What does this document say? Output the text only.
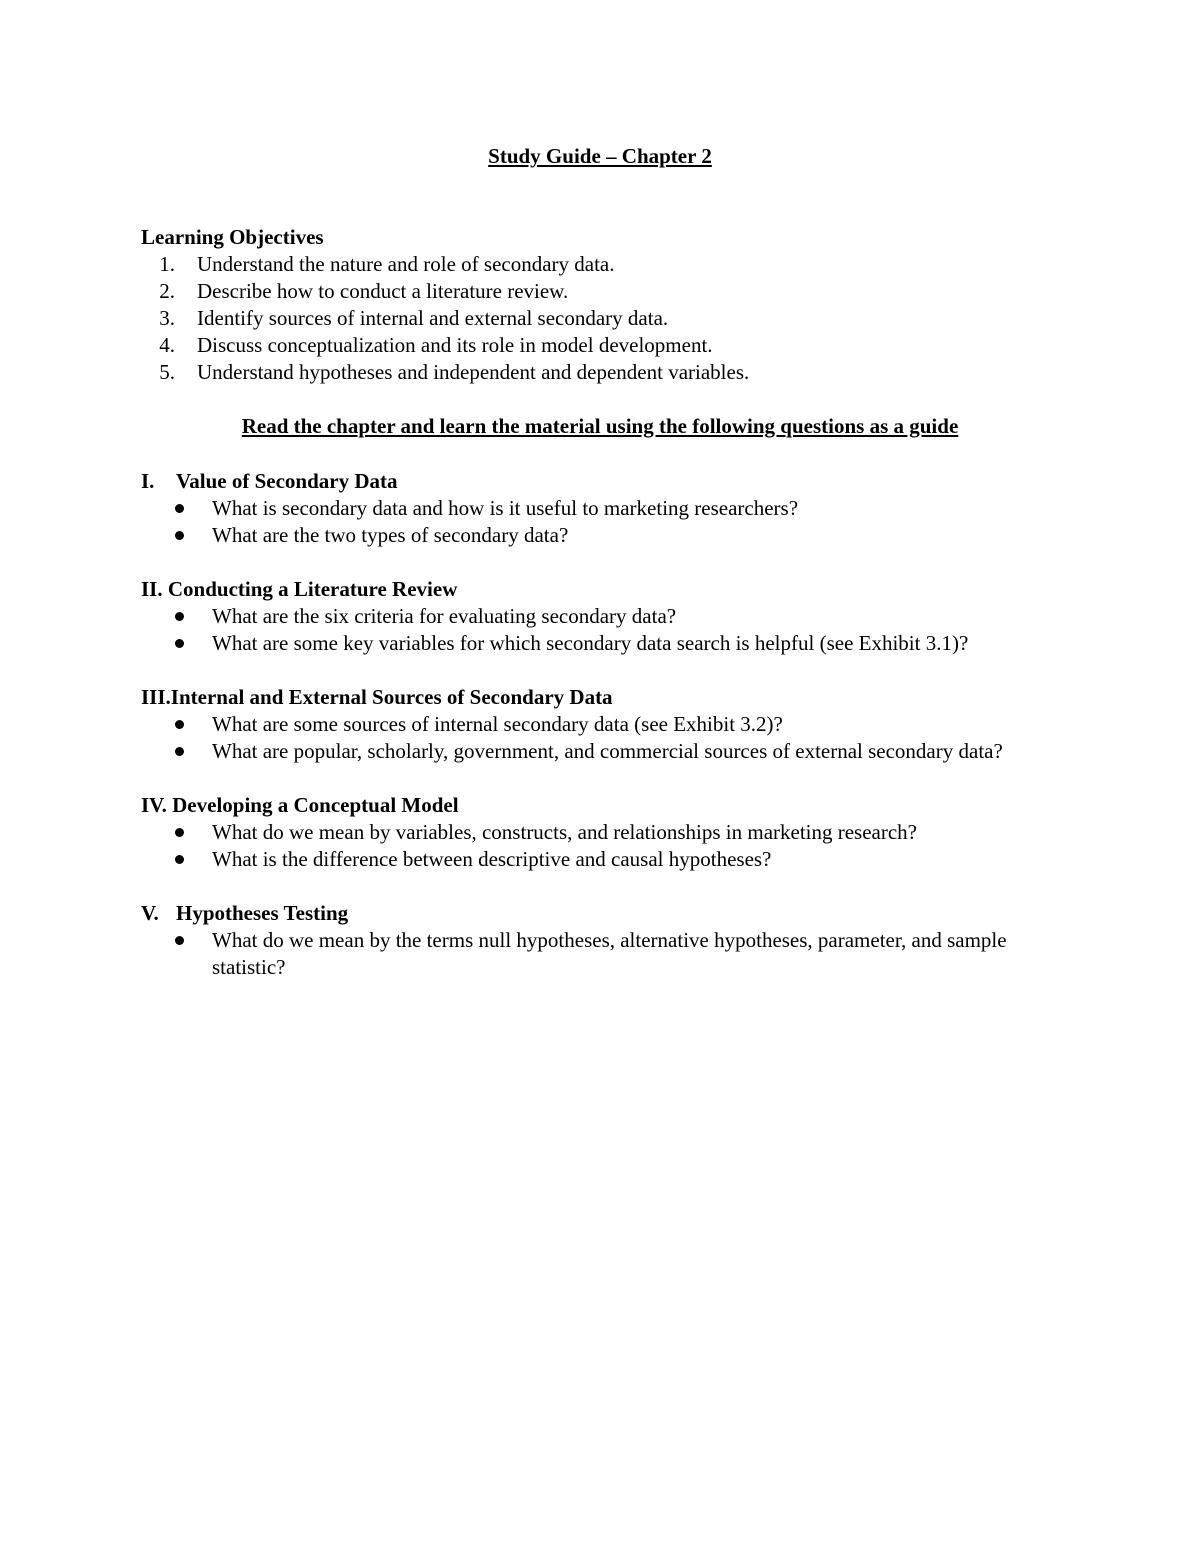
Study Guide – Chapter 2
Learning Objectives
1.	Understand the nature and role of secondary data.
2.	Describe how to conduct a literature review.
3.	Identify sources of internal and external secondary data.
4.	Discuss conceptualization and its role in model development.
5.	Understand hypotheses and independent and dependent variables.
Read the chapter and learn the material using the following questions as a guide
I.	Value of Secondary Data
What is secondary data and how is it useful to marketing researchers?
What are the two types of secondary data?
II.
Conducting a Literature Review
What are the six criteria for evaluating secondary data?
What are some key variables for which secondary data search is helpful (see Exhibit 3.1)?
III. Internal and External Sources of Secondary Data
What are some sources of internal secondary data (see Exhibit 3.2)?
What are popular, scholarly, government, and commercial sources of external secondary data?
IV.
Developing a Conceptual Model
What do we mean by variables, constructs, and relationships in marketing research?
What is the difference between descriptive and causal hypotheses?
V. Hypotheses Testing
What do we mean by the terms null hypotheses, alternative hypotheses, parameter, and sample statistic?
